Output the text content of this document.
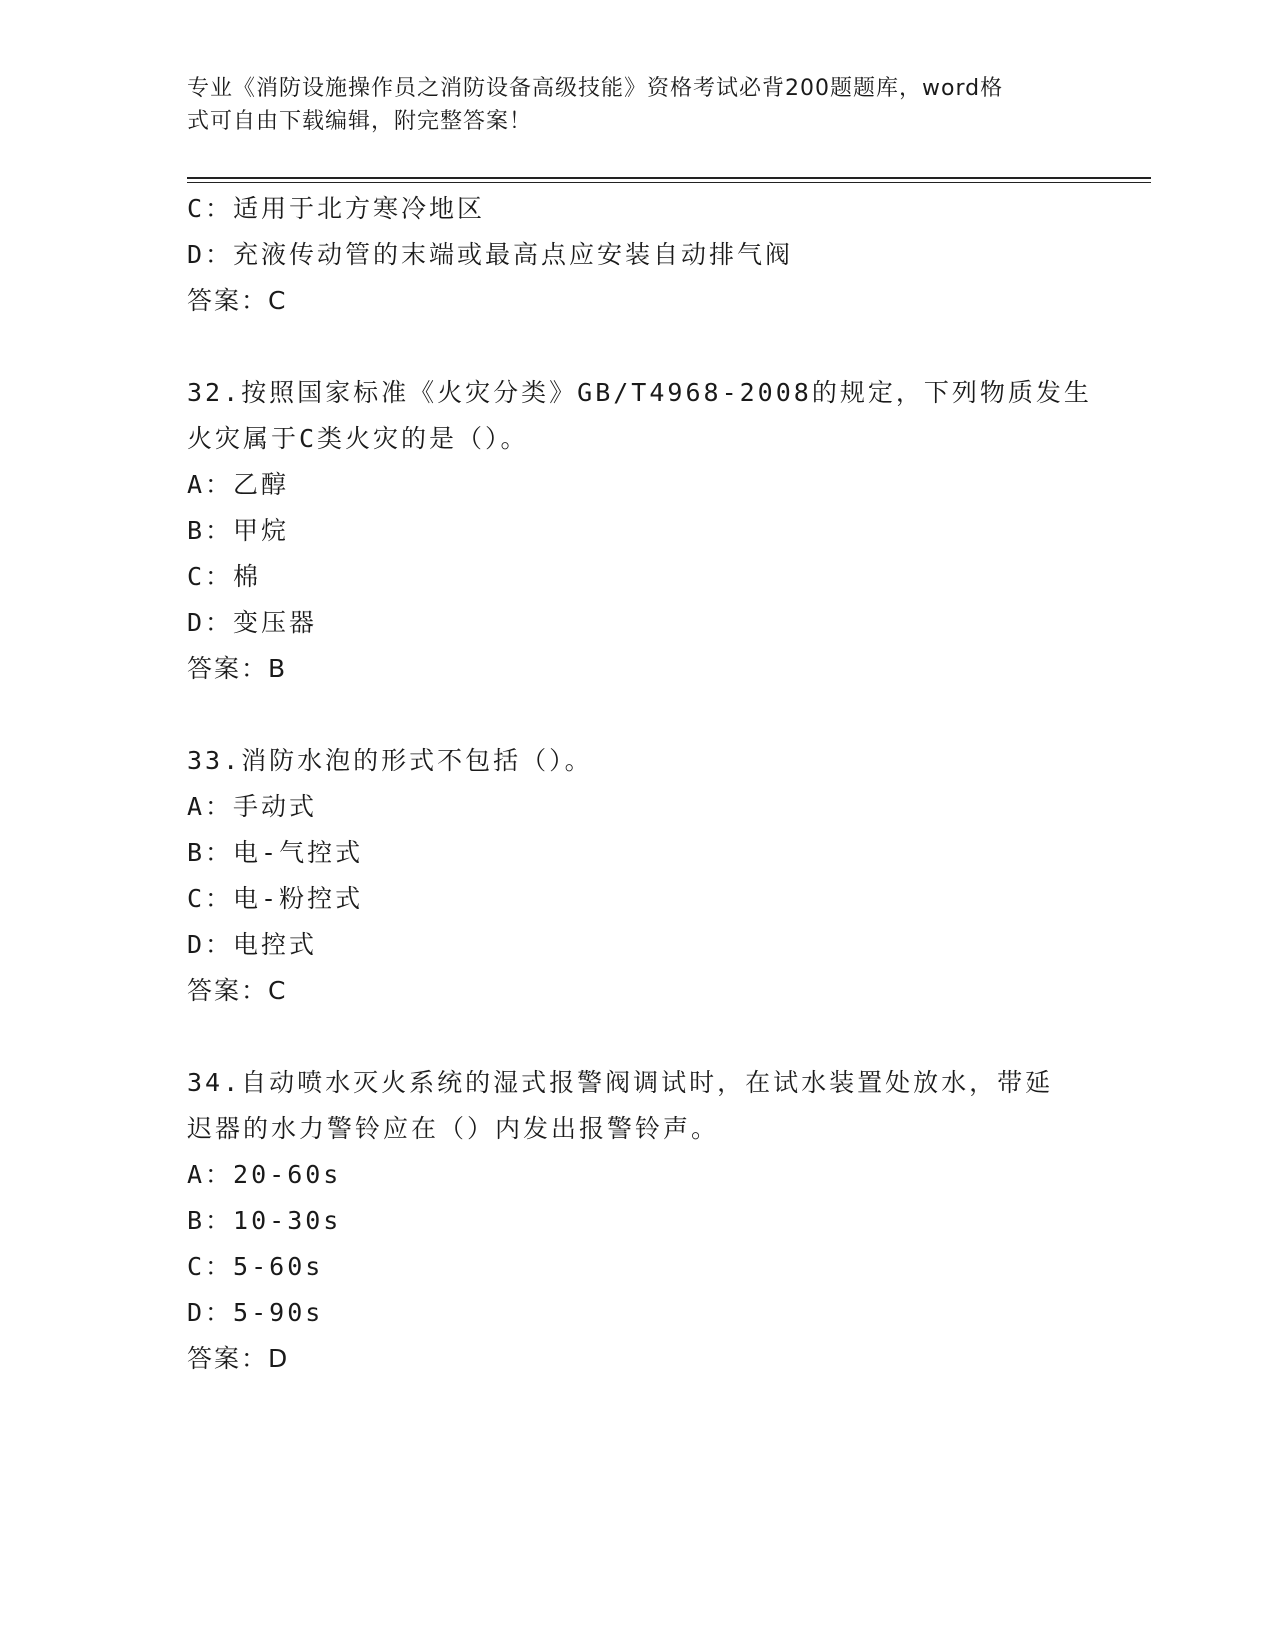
专业《消防设施操作员之消防设备高级技能》资格考试必背200题题库，word格
式可自由下载编辑，附完整答案！
C：适用于北方寒冷地区
D：充液传动管的末端或最高点应安装自动排气阀
答案：C
32.按照国家标准《火灾分类》GB/T4968-2008的规定，下列物质发生
火灾属于C类火灾的是（）。
A：乙醇
B：甲烷
C：棉
D：变压器
答案：B
33.消防水泡的形式不包括（）。
A：手动式
B：电-气控式
C：电-粉控式
D：电控式
答案：C
34.自动喷水灭火系统的湿式报警阀调试时，在试水装置处放水，带延
迟器的水力警铃应在（）内发出报警铃声。
A：20-60s
B：10-30s
C：5-60s
D：5-90s
答案：D
